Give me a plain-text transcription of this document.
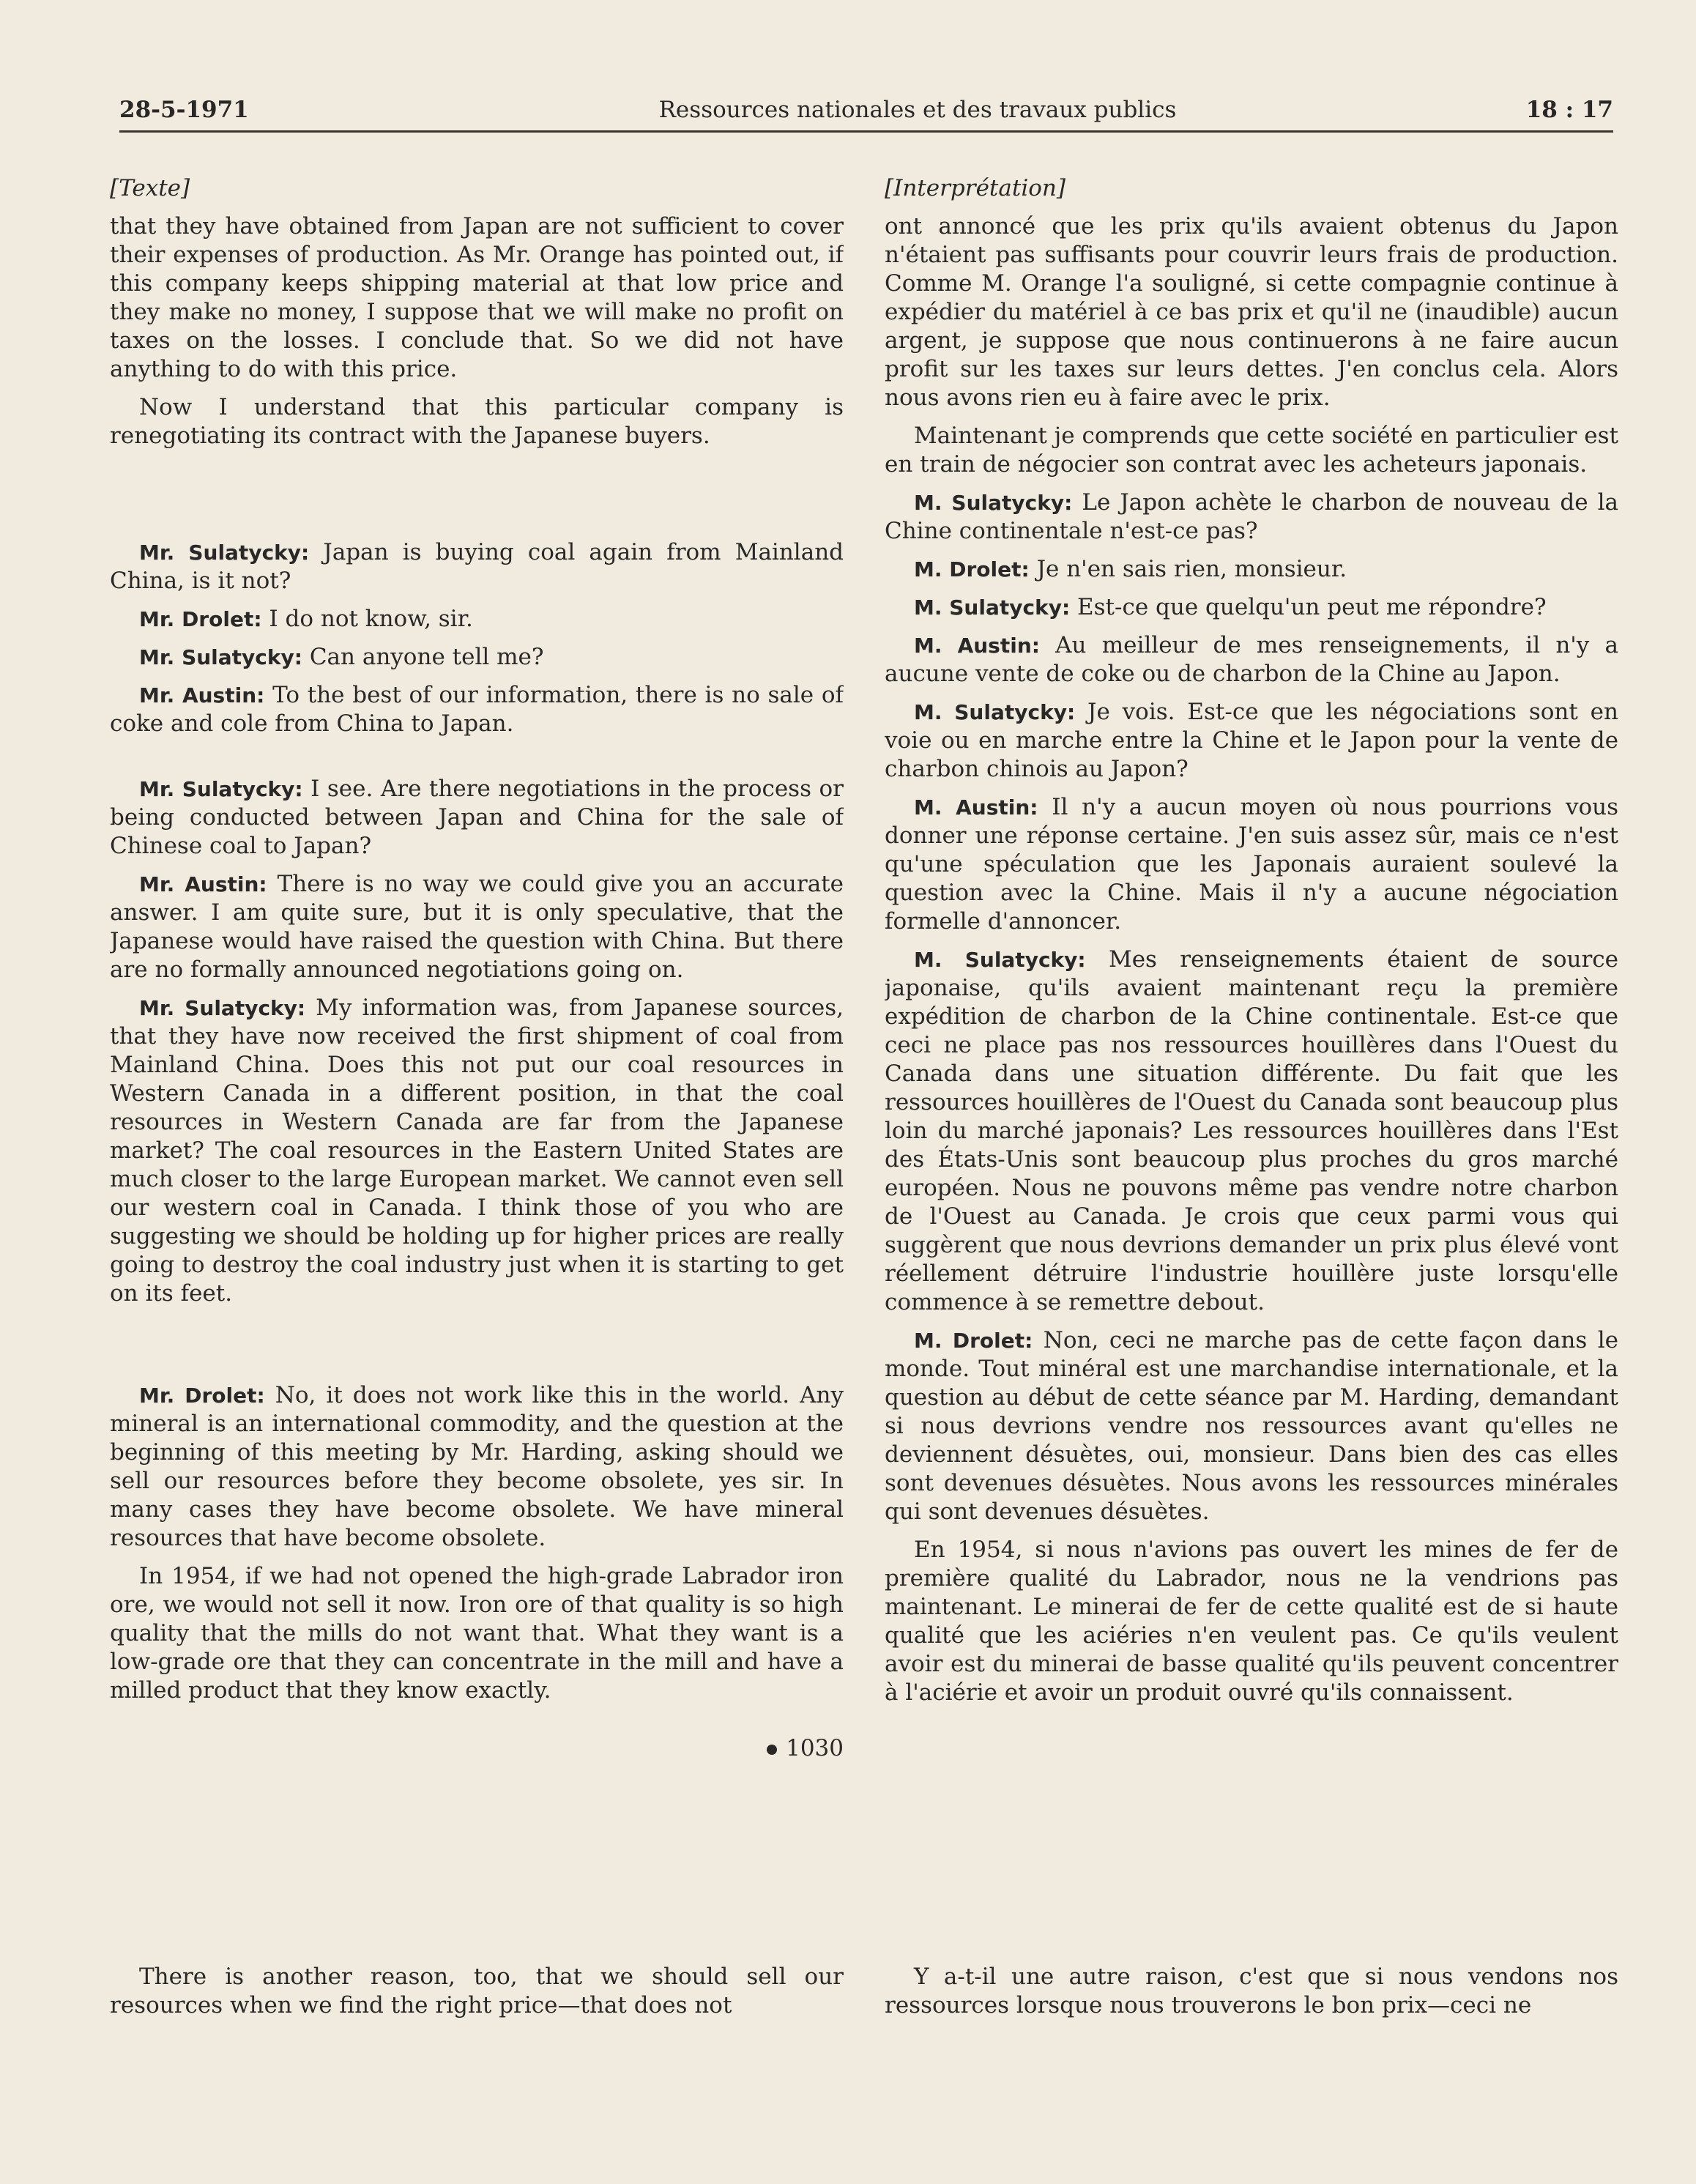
28-5-1971	Ressources nationales et des travaux publics	18 : 17

[Texte]

that they have obtained from Japan are not sufficient to cover their expenses of production. As Mr. Orange has pointed out, if this company keeps shipping material at that low price and they make no money, I suppose that we will make no profit on taxes on the losses. I conclude that. So we did not have anything to do with this price.

Now I understand that this particular company is renegotiating its contract with the Japanese buyers.

Mr. Sulatycky: Japan is buying coal again from Mainland China, is it not?

Mr. Drolet: I do not know, sir.

Mr. Sulatycky: Can anyone tell me?

Mr. Austin: To the best of our information, there is no sale of coke and cole from China to Japan.

Mr. Sulatycky: I see. Are there negotiations in the process or being conducted between Japan and China for the sale of Chinese coal to Japan?

Mr. Austin: There is no way we could give you an accurate answer. I am quite sure, but it is only speculative, that the Japanese would have raised the question with China. But there are no formally announced negotiations going on.

Mr. Sulatycky: My information was, from Japanese sources, that they have now received the first shipment of coal from Mainland China. Does this not put our coal resources in Western Canada in a different position, in that the coal resources in Western Canada are far from the Japanese market? The coal resources in the Eastern United States are much closer to the large European market. We cannot even sell our western coal in Canada. I think those of you who are suggesting we should be holding up for higher prices are really going to destroy the coal industry just when it is starting to get on its feet.

Mr. Drolet: No, it does not work like this in the world. Any mineral is an international commodity, and the question at the beginning of this meeting by Mr. Harding, asking should we sell our resources before they become obsolete, yes sir. In many cases they have become obsolete. We have mineral resources that have become obsolete.

In 1954, if we had not opened the high-grade Labrador iron ore, we would not sell it now. Iron ore of that quality is so high quality that the mills do not want that. What they want is a low-grade ore that they can concentrate in the mill and have a milled product that they know exactly.

1030

[Interprétation]

ont annoncé que les prix qu'ils avaient obtenus du Japon n'étaient pas suffisants pour couvrir leurs frais de production. Comme M. Orange l'a souligné, si cette compagnie continue à expédier du matériel à ce bas prix et qu'il ne (inaudible) aucun argent, je suppose que nous continuerons à ne faire aucun profit sur les taxes sur leurs dettes. J'en conclus cela. Alors nous avons rien eu à faire avec le prix.

Maintenant je comprends que cette société en particulier est en train de négocier son contrat avec les acheteurs japonais.

M. Sulatycky: Le Japon achète le charbon de nouveau de la Chine continentale n'est-ce pas?

M. Drolet: Je n'en sais rien, monsieur.

M. Sulatycky: Est-ce que quelqu'un peut me répondre?

M. Austin: Au meilleur de mes renseignements, il n'y a aucune vente de coke ou de charbon de la Chine au Japon.

M. Sulatycky: Je vois. Est-ce que les négociations sont en voie ou en marche entre la Chine et le Japon pour la vente de charbon chinois au Japon?

M. Austin: Il n'y a aucun moyen où nous pourrions vous donner une réponse certaine. J'en suis assez sûr, mais ce n'est qu'une spéculation que les Japonais auraient soulevé la question avec la Chine. Mais il n'y a aucune négociation formelle d'annoncer.

M. Sulatycky: Mes renseignements étaient de source japonaise, qu'ils avaient maintenant reçu la première expédition de charbon de la Chine continentale. Est-ce que ceci ne place pas nos ressources houillères dans l'Ouest du Canada dans une situation différente. Du fait que les ressources houillères de l'Ouest du Canada sont beaucoup plus loin du marché japonais? Les ressources houillères dans l'Est des États-Unis sont beaucoup plus proches du gros marché européen. Nous ne pouvons même pas vendre notre charbon de l'Ouest au Canada. Je crois que ceux parmi vous qui suggèrent que nous devrions demander un prix plus élevé vont réellement détruire l'industrie houillère juste lorsqu'elle commence à se remettre debout.

M. Drolet: Non, ceci ne marche pas de cette façon dans le monde. Tout minéral est une marchandise internationale, et la question au début de cette séance par M. Harding, demandant si nous devrions vendre nos ressources avant qu'elles ne deviennent désuètes, oui, monsieur. Dans bien des cas elles sont devenues désuètes. Nous avons les ressources minérales qui sont devenues désuètes.

En 1954, si nous n'avions pas ouvert les mines de fer de première qualité du Labrador, nous ne la vendrions pas maintenant. Le minerai de fer de cette qualité est de si haute qualité que les aciéries n'en veulent pas. Ce qu'ils veulent avoir est du minerai de basse qualité qu'ils peuvent concentrer à l'aciérie et avoir un produit ouvré qu'ils connaissent.

There is another reason, too, that we should sell our resources when we find the right price—that does not

Y a-t-il une autre raison, c'est que si nous vendons nos ressources lorsque nous trouverons le bon prix—ceci ne
